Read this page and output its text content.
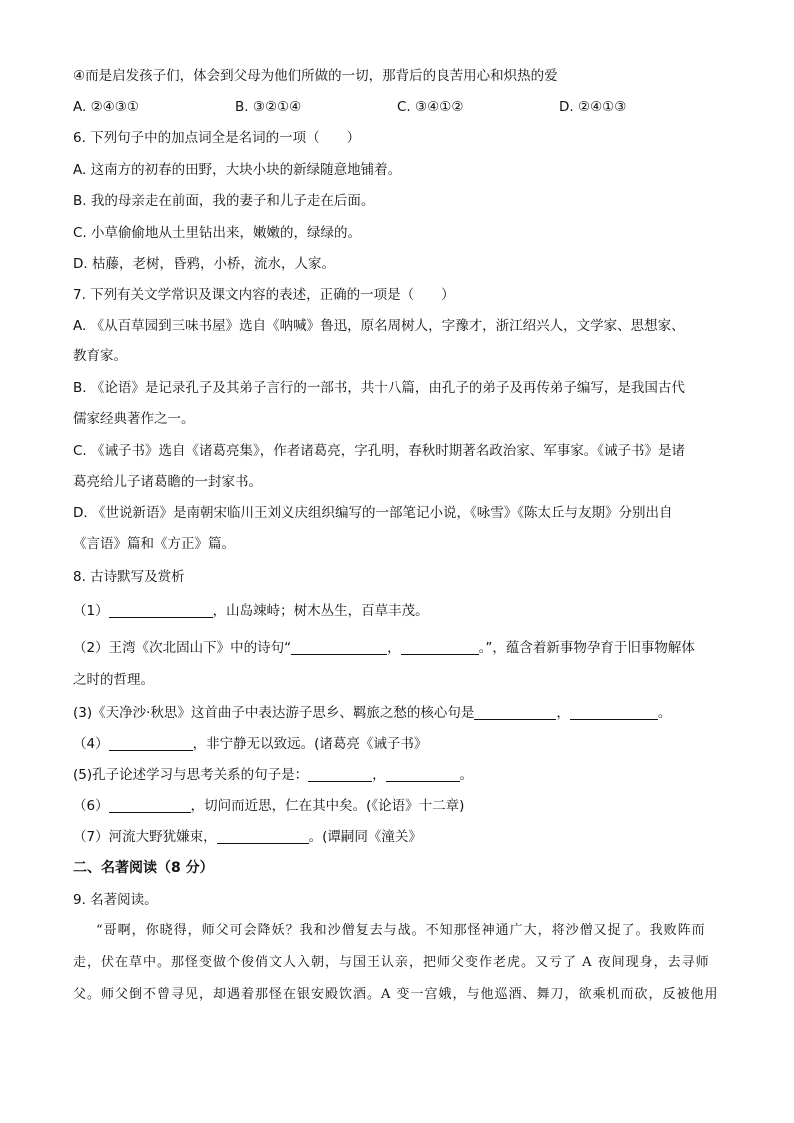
④而是启发孩子们，体会到父母为他们所做的一切，那背后的良苦用心和炽热的爱
A. ②④③①	B. ③②①④	C. ③④①②	D. ②④①③
6. 下列句子中的加点词全是名词的一项（　　）
A. 这南方的初春的田野，大块小块的新绿随意地铺着。
B. 我的母亲走在前面，我的妻子和儿子走在后面。
C. 小草偷偷地从土里钻出来，嫩嫩的，绿绿的。
D. 枯藤，老树，昏鸦，小桥，流水，人家。
7. 下列有关文学常识及课文内容的表述，正确的一项是（　　）
A. 《从百草园到三味书屋》选自《呐喊》鲁迅，原名周树人，字豫才，浙江绍兴人，文学家、思想家、
教育家。
B. 《论语》是记录孔子及其弟子言行的一部书，共十八篇，由孔子的弟子及再传弟子编写，是我国古代
儒家经典著作之一。
C. 《诫子书》选自《诸葛亮集》，作者诸葛亮，字孔明，春秋时期著名政治家、军事家。《诫子书》是诸
葛亮给儿子诸葛瞻的一封家书。
D. 《世说新语》是南朝宋临川王刘义庆组织编写的一部笔记小说，《咏雪》《陈太丘与友期》分别出自
《言语》篇和《方正》篇。
8. 古诗默写及赏析
（1）	，山岛竦峙；树木丛生，百草丰茂。
（2）王湾《次北固山下》中的诗句“	，	。”，蕴含着新事物孕育于旧事物解体
之时的哲理。
(3)《天净沙·秋思》这首曲子中表达游子思乡、羁旅之愁的核心句是	，	。
（4）	，非宁静无以致远。(诸葛亮《诫子书》
(5)孔子论述学习与思考关系的句子是：	，	。
（6）	，切问而近思，仁在其中矣。(《论语》十二章)
（7）河流大野犹嫌束，	。(谭嗣同《潼关》
二、名著阅读（8 分）
9. 名著阅读。
“哥啊，你晓得，师父可会降妖？我和沙僧复去与战。不知那怪神通广大，将沙僧又捉了。我败阵而
走，伏在草中。那怪变做个俊俏文人入朝，与国王认亲，把师父变作老虎。又亏了 A 夜间现身，去寻师
父。师父倒不曾寻见，却遇着那怪在银安殿饮酒。A 变一宫娥，与他巡酒、舞刀，欲乘机而砍，反被他用
